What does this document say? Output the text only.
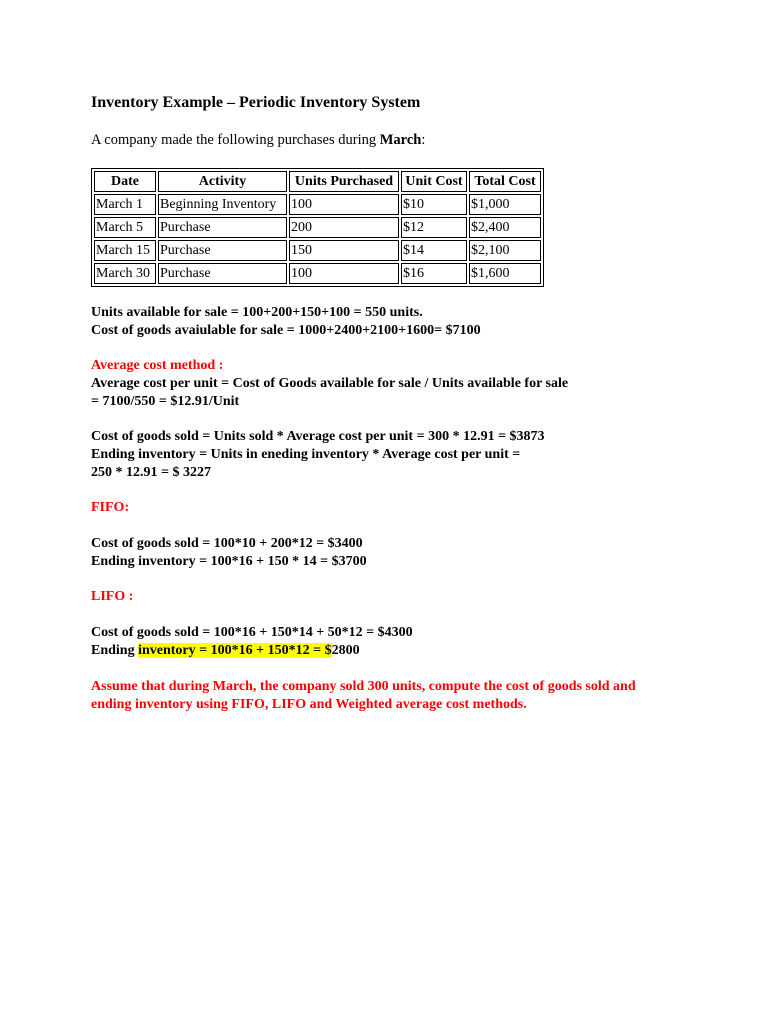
Inventory Example – Periodic Inventory System
A company made the following purchases during March:
Date	Activity	Units Purchased	Unit Cost	Total Cost
March 1	Beginning Inventory	100	$10	$1,000
March 5	Purchase	200	$12	$2,400
March 15	Purchase	150	$14	$2,100
March 30	Purchase	100	$16	$1,600
Units available for sale = 100+200+150+100 = 550 units.
Cost of goods avaiulable for sale = 1000+2400+2100+1600= $7100
Average cost method :
Average cost per unit = Cost of Goods available for sale / Units available for sale
= 7100/550 = $12.91/Unit
Cost of goods sold = Units sold * Average cost per unit = 300 * 12.91 = $3873
Ending inventory = Units in eneding inventory * Average cost per unit =
250 * 12.91 = $ 3227
FIFO:
Cost of goods sold = 100*10 + 200*12 = $3400
Ending inventory = 100*16 + 150 * 14 = $3700
LIFO :
Cost of goods sold = 100*16 + 150*14 + 50*12 = $4300
Ending inventory = 100*16 + 150*12 = $2800
Assume that during March, the company sold 300 units, compute the cost of goods sold and
ending inventory using FIFO, LIFO and Weighted average cost methods.
